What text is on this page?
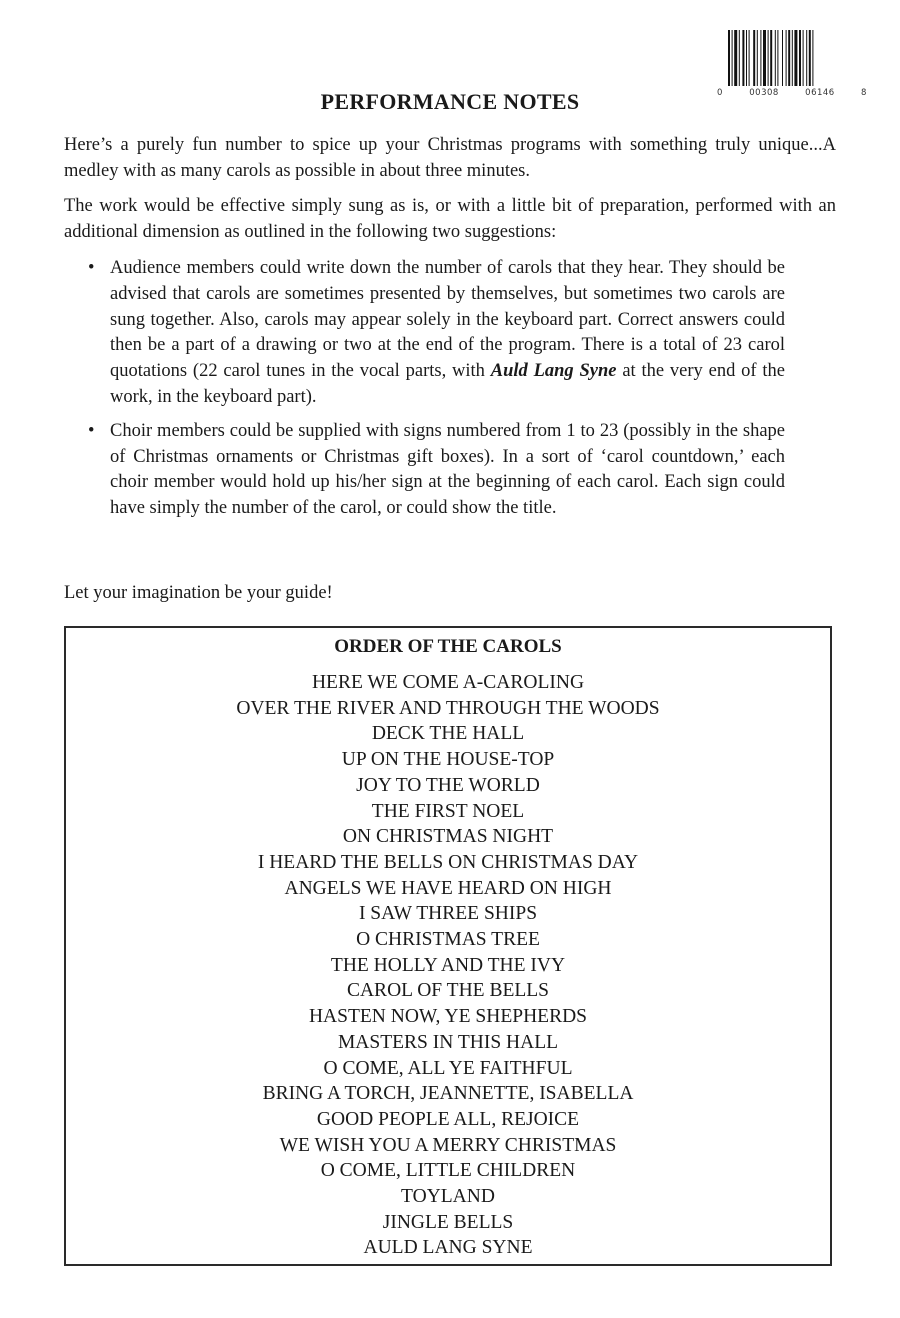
0	00308	06146	8
PERFORMANCE NOTES

Here’s a purely fun number to spice up your Christmas programs with something truly unique...A medley with as many carols as possible in about three minutes.

The work would be effective simply sung as is, or with a little bit of preparation, performed with an additional dimension as outlined in the following two suggestions:

• Audience members could write down the number of carols that they hear. They should be advised that carols are sometimes presented by themselves, but sometimes two carols are sung together. Also, carols may appear solely in the keyboard part. Correct answers could then be a part of a drawing or two at the end of the program. There is a total of 23 carol quotations (22 carol tunes in the vocal parts, with Auld Lang Syne at the very end of the work, in the keyboard part).
• Choir members could be supplied with signs numbered from 1 to 23 (possibly in the shape of Christmas ornaments or Christmas gift boxes). In a sort of ‘carol countdown,’ each choir member would hold up his/her sign at the beginning of each carol. Each sign could have simply the number of the carol, or could show the title.

Let your imagination be your guide!

ORDER OF THE CAROLS
HERE WE COME A-CAROLING
OVER THE RIVER AND THROUGH THE WOODS
DECK THE HALL
UP ON THE HOUSE-TOP
JOY TO THE WORLD
THE FIRST NOEL
ON CHRISTMAS NIGHT
I HEARD THE BELLS ON CHRISTMAS DAY
ANGELS WE HAVE HEARD ON HIGH
I SAW THREE SHIPS
O CHRISTMAS TREE
THE HOLLY AND THE IVY
CAROL OF THE BELLS
HASTEN NOW, YE SHEPHERDS
MASTERS IN THIS HALL
O COME, ALL YE FAITHFUL
BRING A TORCH, JEANNETTE, ISABELLA
GOOD PEOPLE ALL, REJOICE
WE WISH YOU A MERRY CHRISTMAS
O COME, LITTLE CHILDREN
TOYLAND
JINGLE BELLS
AULD LANG SYNE
